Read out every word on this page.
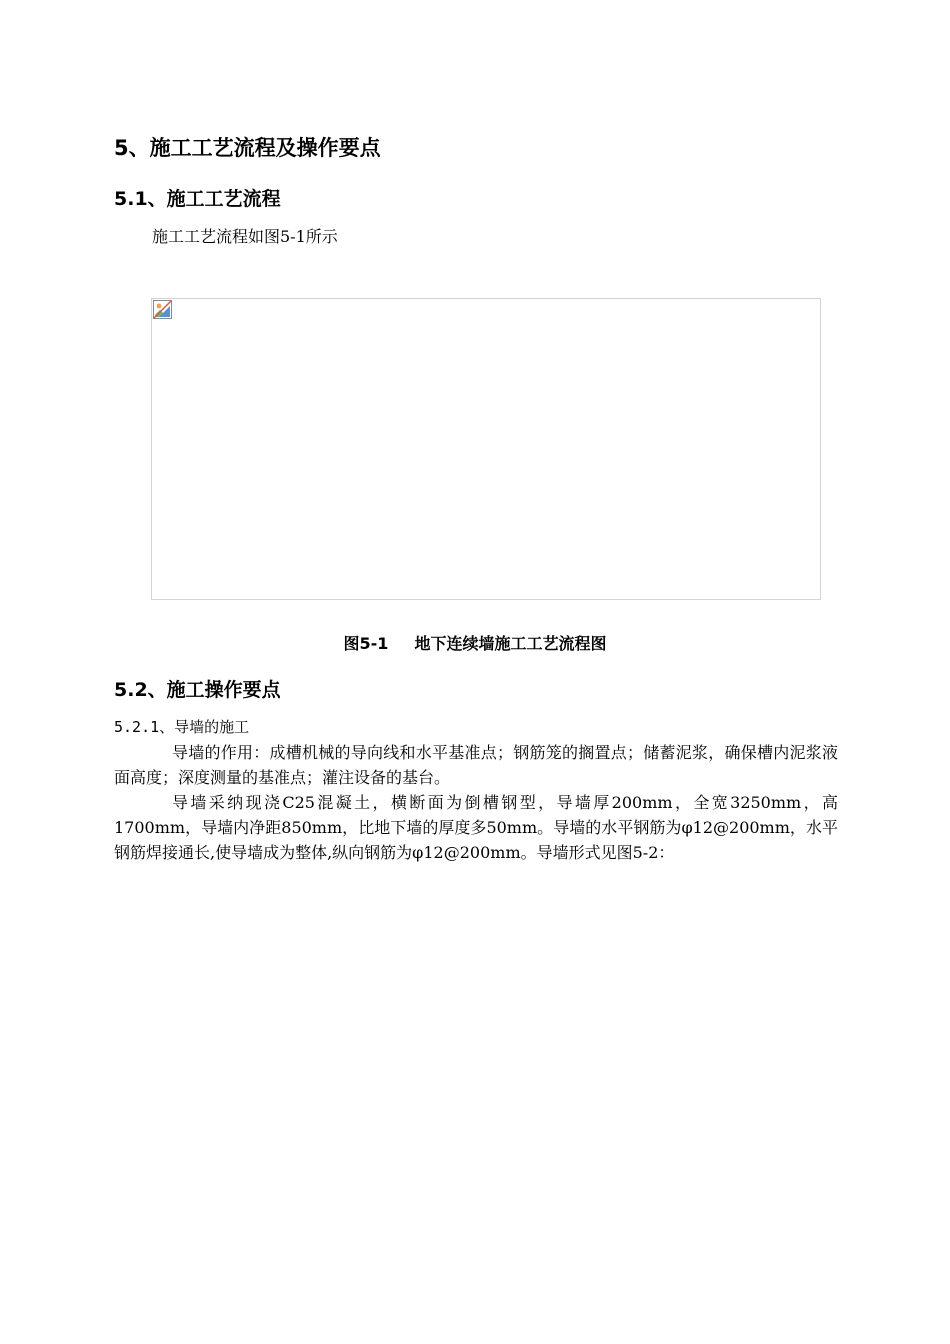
5、施工工艺流程及操作要点
5.1、施工工艺流程
施工工艺流程如图5-1所示
图5-1 地下连续墙施工工艺流程图
5.2、施工操作要点
5.2.1、导墙的施工

导墙的作用：成槽机械的导向线和水平基准点；钢筋笼的搁置点；储蓄泥浆，确保槽内泥浆液面高度；深度测量的基准点；灌注设备的基台。

导墙采纳现浇C25混凝土，横断面为倒槽钢型，导墙厚200mm，全宽3250mm，高1700mm，导墙内净距850mm，比地下墙的厚度多50mm。导墙的水平钢筋为φ12@200mm，水平钢筋焊接通长,使导墙成为整体,纵向钢筋为φ12@200mm。导墙形式见图5-2：
